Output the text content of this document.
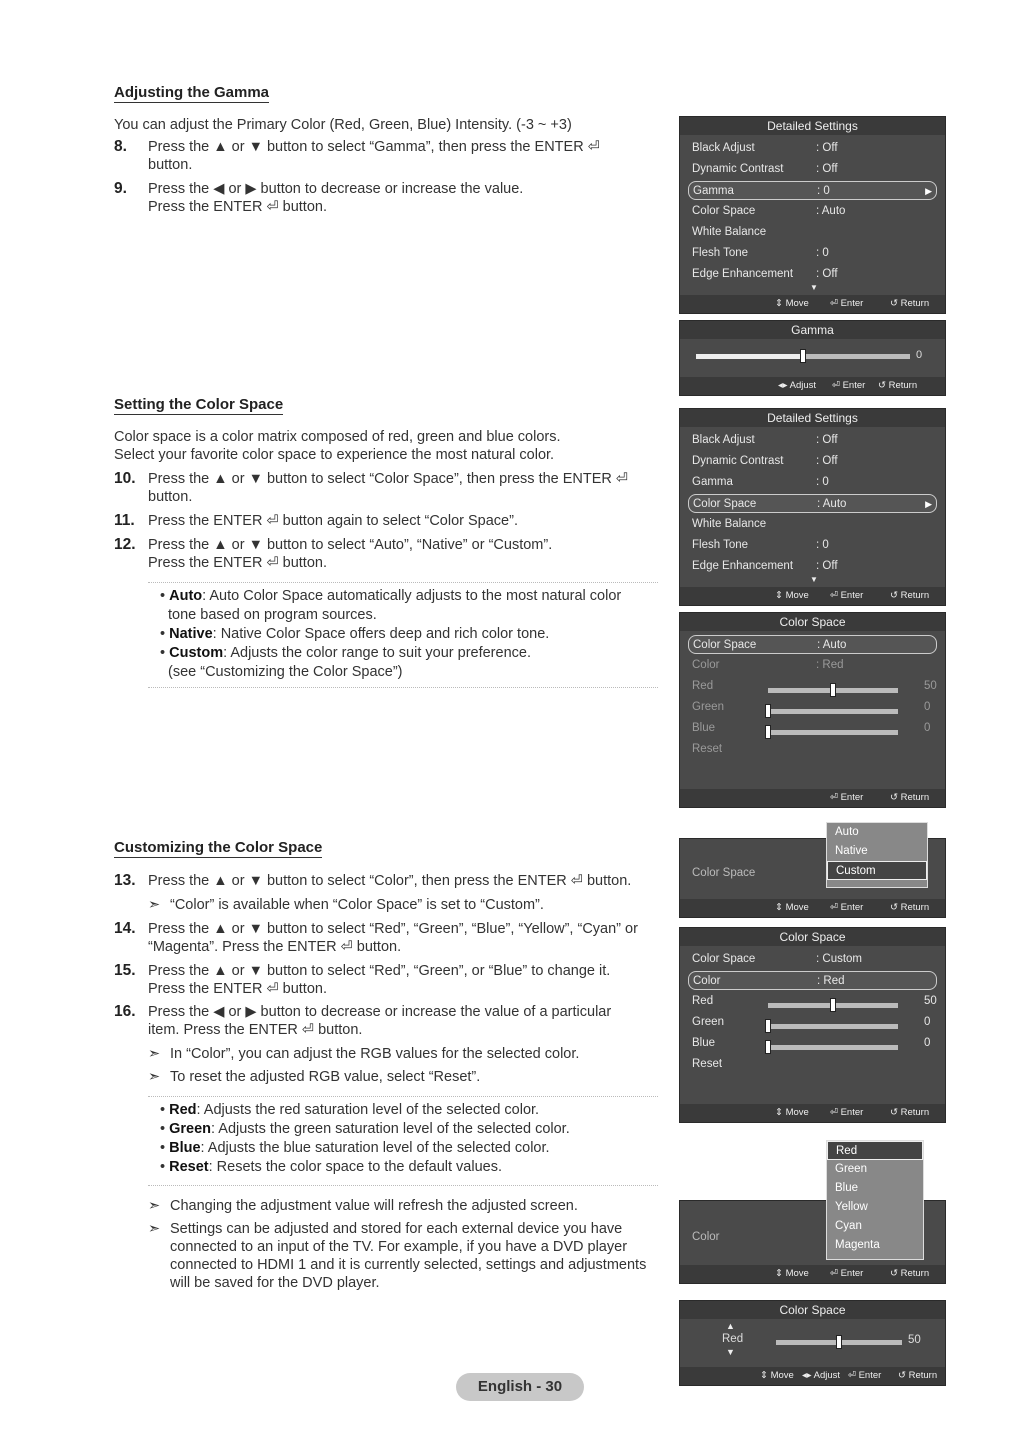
Adjusting the Gamma
You can adjust the Primary Color (Red, Green, Blue) Intensity. (-3 ~ +3)
8. Press the ▲ or ▼ button to select “Gamma”, then press the ENTER ⏎
button.
9. Press the ◀ or ▶ button to decrease or increase the value.
Press the ENTER ⏎ button.
Setting the Color Space
Color space is a color matrix composed of red, green and blue colors.
Select your favorite color space to experience the most natural color.
10. Press the ▲ or ▼ button to select “Color Space”, then press the ENTER ⏎
button.
11. Press the ENTER ⏎ button again to select “Color Space”.
12. Press the ▲ or ▼ button to select “Auto”, “Native” or “Custom”.
Press the ENTER ⏎ button.
• Auto: Auto Color Space automatically adjusts to the most natural color
tone based on program sources.
• Native: Native Color Space offers deep and rich color tone.
• Custom: Adjusts the color range to suit your preference.
(see “Customizing the Color Space”)
Customizing the Color Space
13. Press the ▲ or ▼ button to select “Color”, then press the ENTER ⏎ button.
➣ “Color” is available when “Color Space” is set to “Custom”.
14. Press the ▲ or ▼ button to select “Red”, “Green”, “Blue”, “Yellow”, “Cyan” or
“Magenta”. Press the ENTER ⏎ button.
15. Press the ▲ or ▼ button to select “Red”, “Green”, or “Blue” to change it.
Press the ENTER ⏎ button.
16. Press the ◀ or ▶ button to decrease or increase the value of a particular
item. Press the ENTER ⏎ button.
➣ In “Color”, you can adjust the RGB values for the selected color.
➣ To reset the adjusted RGB value, select “Reset”.
• Red: Adjusts the red saturation level of the selected color.
• Green: Adjusts the green saturation level of the selected color.
• Blue: Adjusts the blue saturation level of the selected color.
• Reset: Resets the color space to the default values.
➣ Changing the adjustment value will refresh the adjusted screen.
➣ Settings can be adjusted and stored for each external device you have
connected to an input of the TV. For example, if you have a DVD player
connected to HDMI 1 and it is currently selected, settings and adjustments
will be saved for the DVD player.
Detailed Settings
Black Adjust	: Off
Dynamic Contrast	: Off
Gamma	: 0	▶
Color Space	: Auto
White Balance
Flesh Tone	: 0
Edge Enhancement : Off
▼
⇕ Move ⏎ Enter	↺ Return
Gamma
0
◂▸ Adjust ⏎ Enter ↺ Return
Detailed Settings
Black Adjust	: Off
Dynamic Contrast	: Off
Gamma	: 0
Color Space	: Auto	▶
White Balance
Flesh Tone	: 0
Edge Enhancement : Off
▼
⇕ Move ⏎ Enter	↺ Return
Color Space
Color Space	: Auto
Color	: Red
Red	50
Green	0
Blue	0
Reset
⏎ Enter	↺ Return
Color Space
⇕ Move ⏎ Enter	↺ Return
Auto
Native
Custom
Color Space
Color Space	: Custom
Color	: Red
Red	50
Green	0
Blue	0
Reset
⇕ Move ⏎ Enter	↺ Return
Color
⇕ Move ⏎ Enter	↺ Return
Red
Green
Blue
Yellow
Cyan
Magenta
Color Space
▲
Red
▼
50
⇕ Move ◂▸ Adjust ⏎ Enter ↺ Return
English - 30
